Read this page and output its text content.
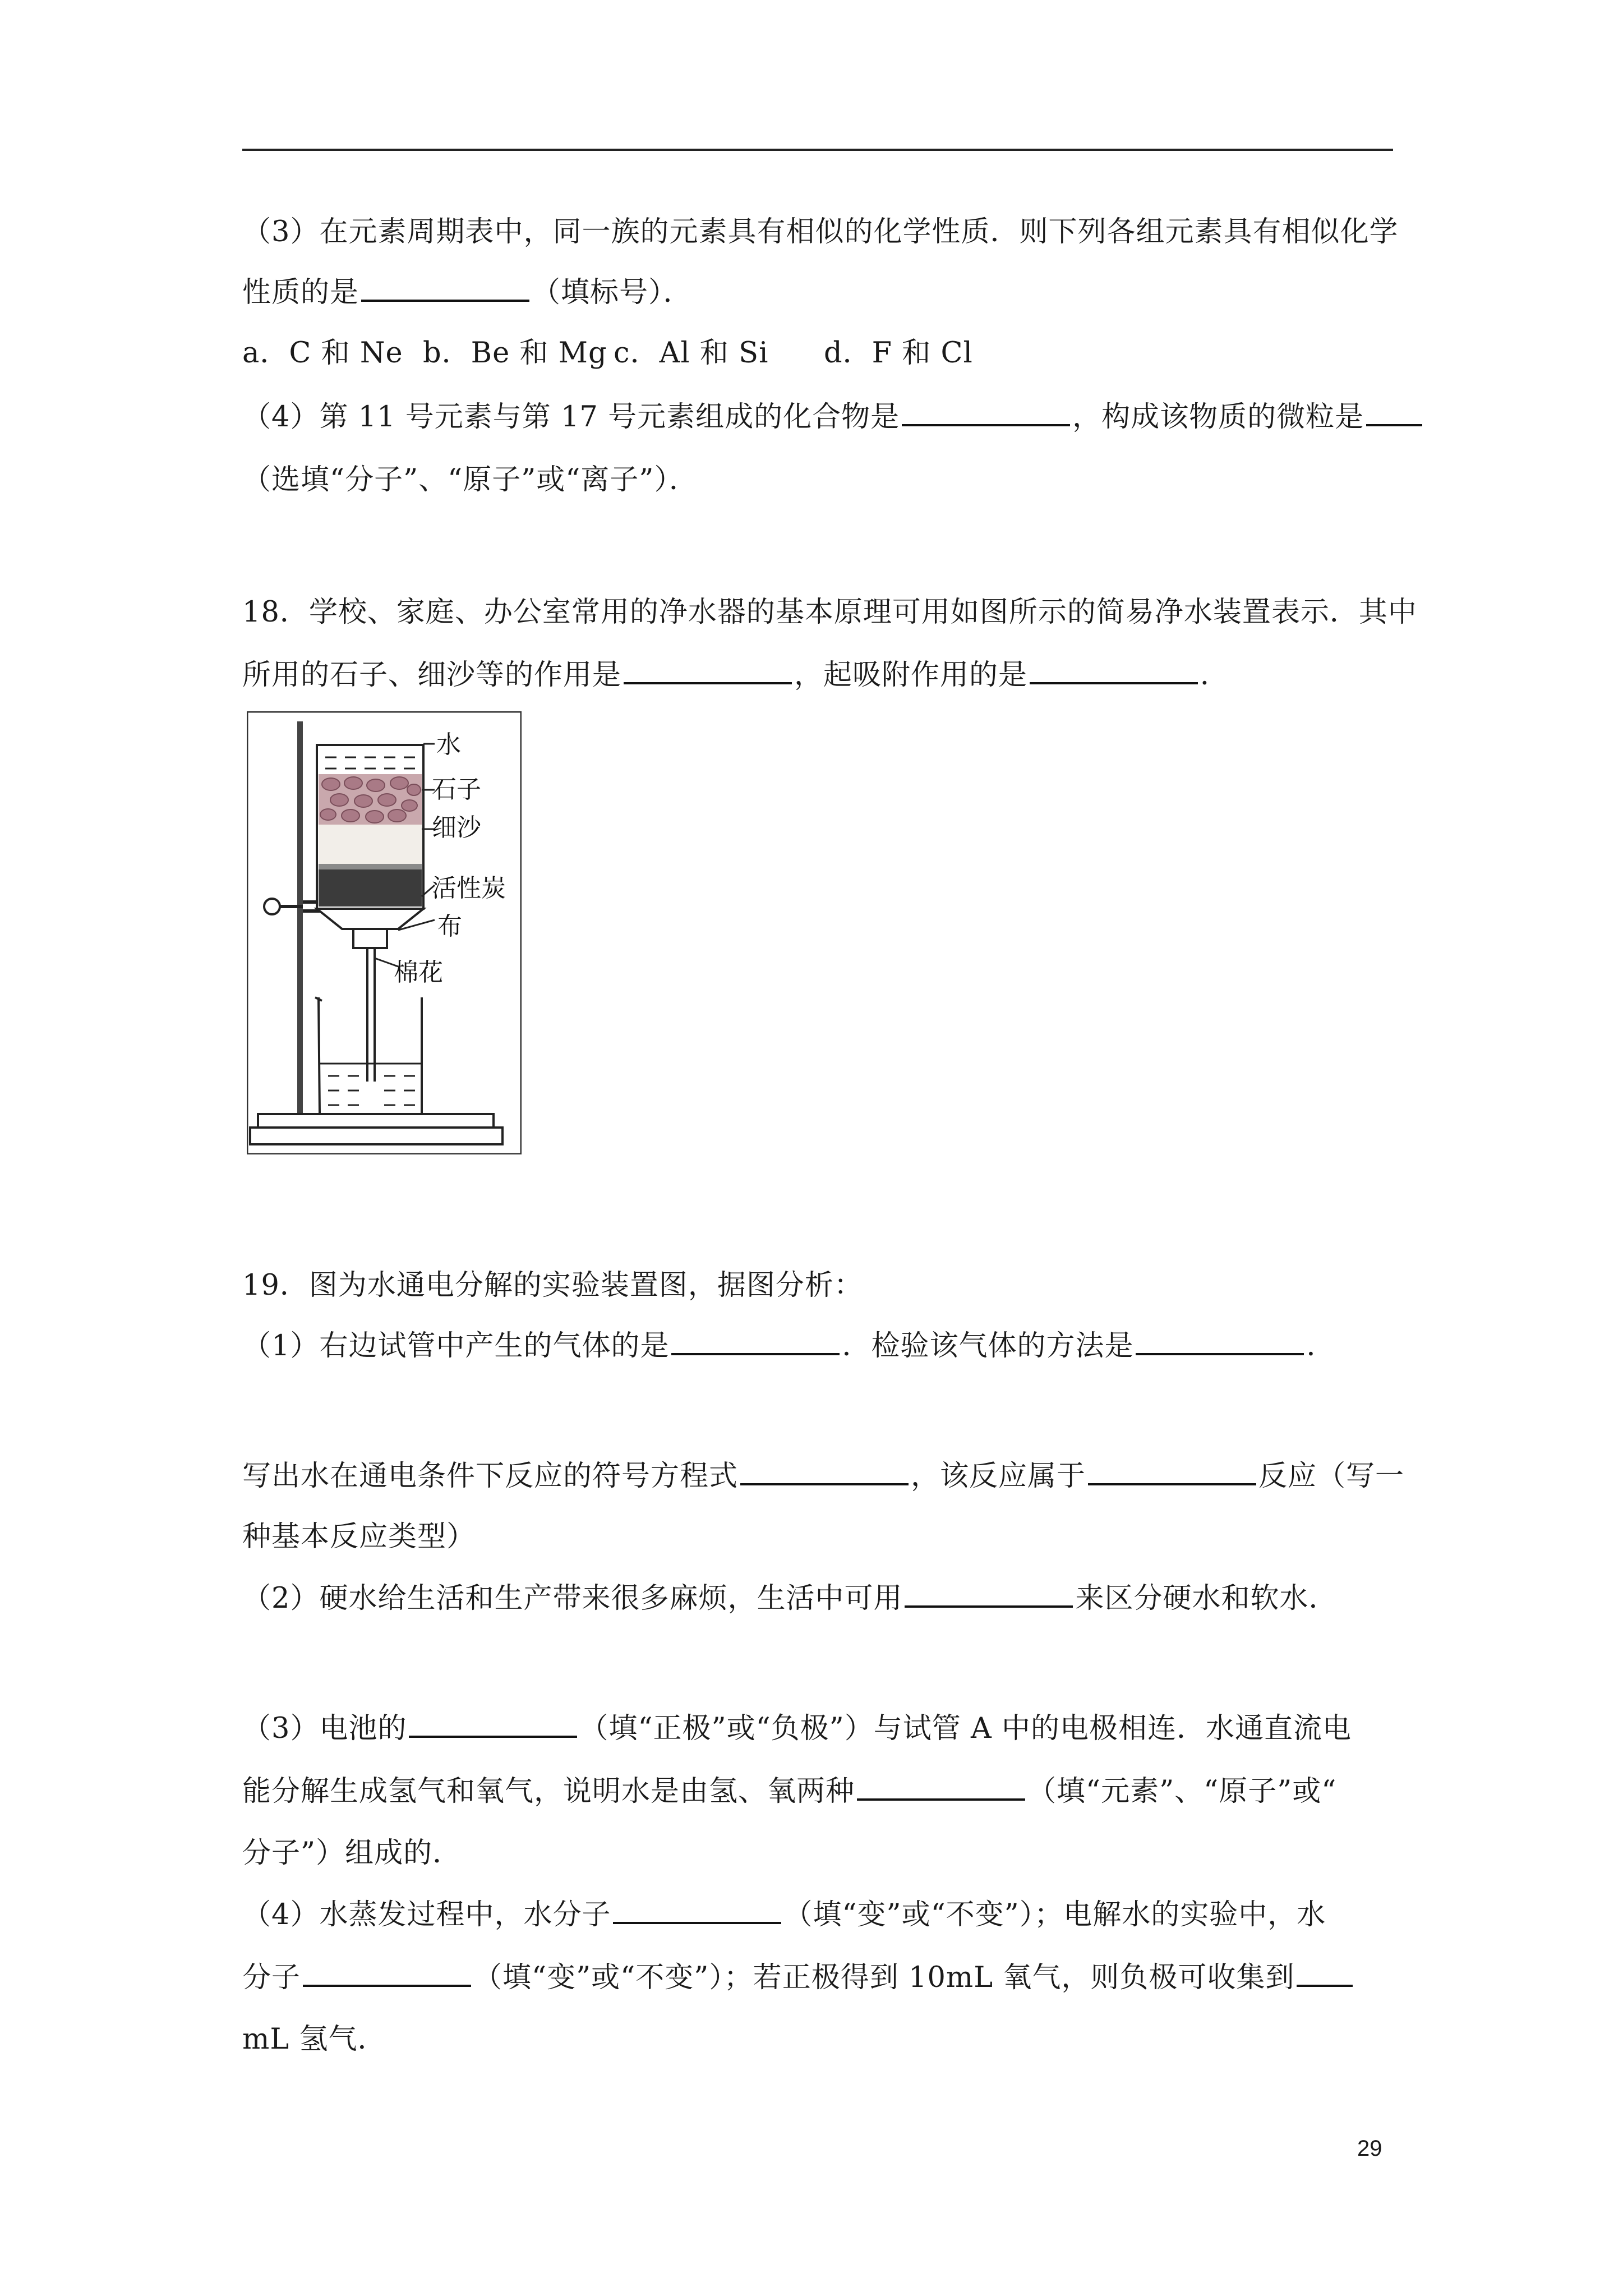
（3）在元素周期表中，同一族的元素具有相似的化学性质．则下列各组元素具有相似化学
性质的是	（填标号）．
a．C 和 Ne b．Be 和 Mg c．Al 和 Si d．F 和 Cl
（4）第 11 号元素与第 17 号元素组成的化合物是	，构成该物质的微粒是
（选填“分子”、“原子”或“离子”）．
18．学校、家庭、办公室常用的净水器的基本原理可用如图所示的简易净水装置表示．其中
所用的石子、细沙等的作用是	，起吸附作用的是	．
水
石子
细沙
活性炭
布
棉花
19．图为水通电分解的实验装置图，据图分析：
（1）右边试管中产生的气体的是	．检验该气体的方法是	．
写出水在通电条件下反应的符号方程式	，该反应属于	反应（写一
种基本反应类型）
（2）硬水给生活和生产带来很多麻烦，生活中可用	来区分硬水和软水．
（3）电池的	（填“正极”或“负极”）与试管 A 中的电极相连．水通直流电
能分解生成氢气和氧气，说明水是由氢、氧两种	（填“元素”、“原子”或“
分子”）组成的．
（4）水蒸发过程中，水分子	（填“变”或“不变”）；电解水的实验中，水
分子	（填“变”或“不变”）；若正极得到 10mL 氧气，则负极可收集到
mL 氢气．
29
